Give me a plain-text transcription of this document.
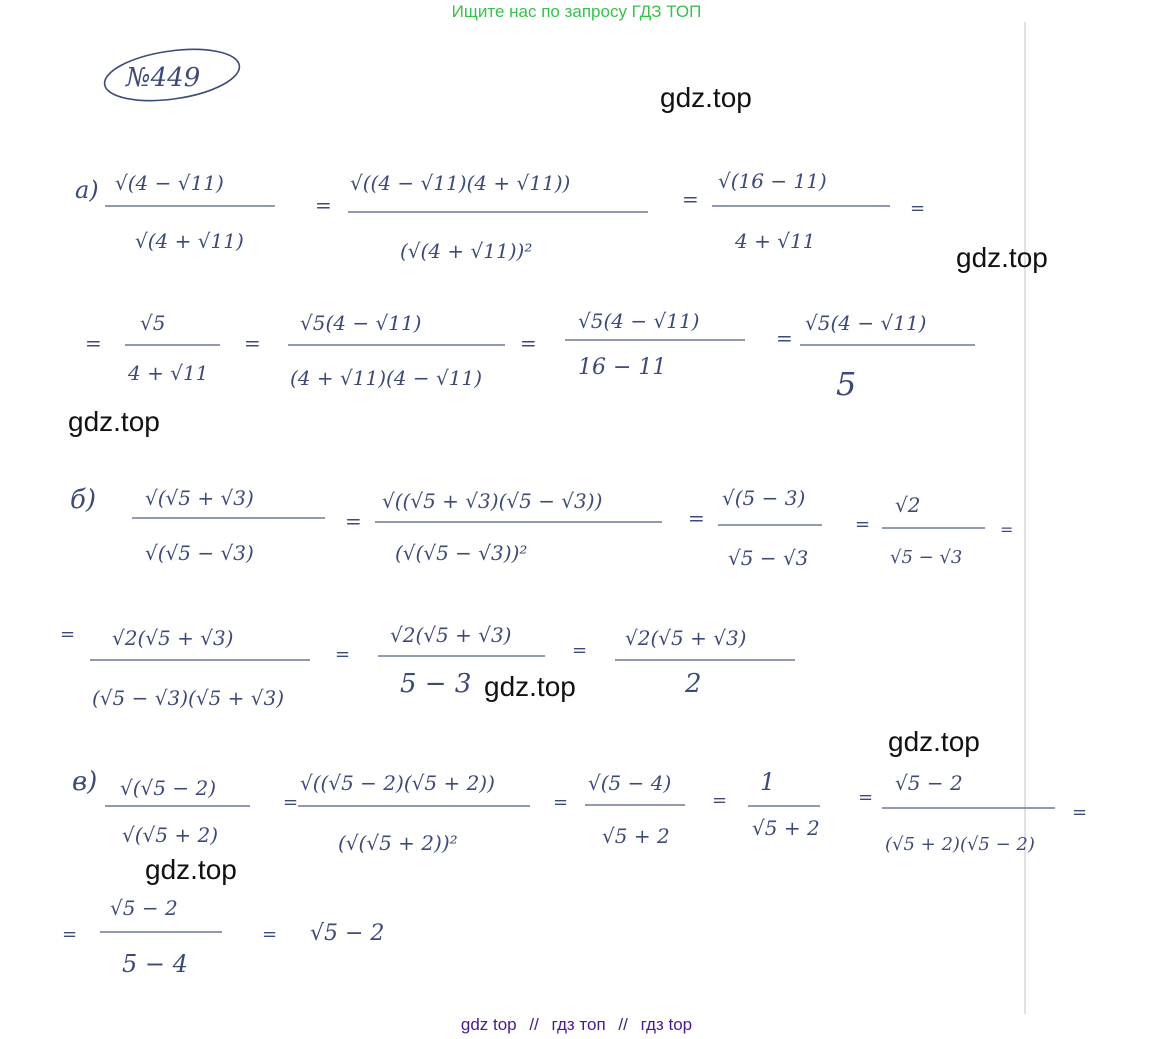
Ищите нас по запросу ГДЗ ТОП
№449
а) √(4 − √11)
√(4 + √11)
=
√((4 − √11)(4 + √11))
(√(4 + √11))²
=
√(16 − 11)
4 + √11
=
=
√5
4 + √11
=
√5(4 − √11)
(4 + √11)(4 − √11)
=
√5(4 − √11)
16 − 11
=
√5(4 − √11)
5
б) √(√5 + √3)
√(√5 − √3)
=
√((√5 + √3)(√5 − √3))
(√(√5 − √3))²
=
√(5 − 3)
√5 − √3
=
√2
√5 − √3
=
= √2(√5 + √3)
(√5 − √3)(√5 + √3)
=
√2(√5 + √3)
5 − 3
=
√2(√5 + √3)
2
в) √(√5 − 2)
√(√5 + 2)
=
√((√5 − 2)(√5 + 2))
(√(√5 + 2))²
=
√(5 − 4)
√5 + 2
=
1
√5 + 2
=
√5 − 2
(√5 + 2)(√5 − 2)
=
=
√5 − 2
5 − 4
= √5 − 2
gdz.top
gdz.top
gdz.top
gdz.top
gdz.top
gdz.top
gdz top // гдз топ // гдз top
